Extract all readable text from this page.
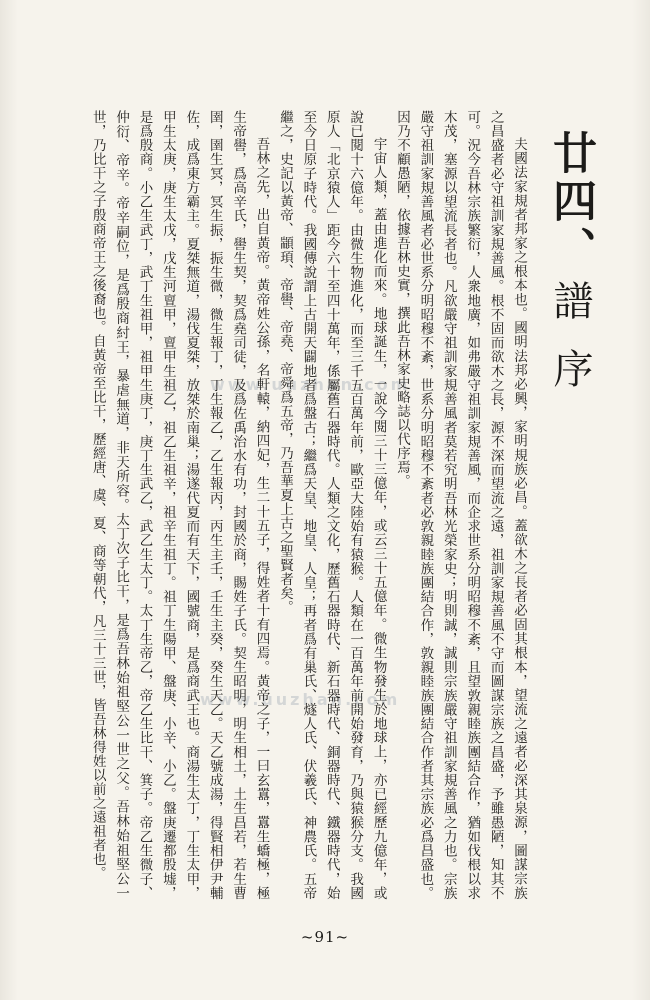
www.uuzhan.com
www.uuzhan.com
廿四、
譜序

夫國法家規者邦家之根本也。國明法邦必興，家明規族必昌。蓋欲木之長者必固其根本，望流之遠者必深其泉源，圖謀宗族之昌盛者必守祖訓家規善風。根不固而欲木之長，源不深而望流之遠，祖訓家規善風不守而圖謀宗族之昌盛，予雖愚陋，知其不可。況今吾林宗族繁衍，人衆地廣，如弗嚴守祖訓家規善風，而企求世系分明昭穆不紊，且望敦親睦族團結合作，猶如伐根以求木茂，塞源以望流長者也。凡欲嚴守祖訓家規善風者莫若究明吾林光榮家史；明則誠，誠則宗族嚴守祖訓家規善風之力也。宗族嚴守祖訓家規善風者必世系分明昭穆不紊，世系分明昭穆不紊者必敦親睦族團結合作，敦親睦族團結合作者其宗族必爲昌盛也。因乃不顧愚陋，依據吾林史實，撰此吾林家史略誌以代序焉。

宇宙人類，蓋由進化而來。地球誕生，一說今閱三十三億年，或云三十五億年。微生物發生於地球上，亦已經歷九億年，或說已閱十六億年。由微生物進化，而至三千五百萬年前，歐亞大陸始有猿猴。人類在一百萬年前開始發育，乃與猿猴分支。我國原人「北京猿人」距今六十至四十萬年，係屬舊石器時代。人類之文化，歷舊石器時代、新石器時代、銅器時代、鐵器時代，始至今日原子時代。我國傳說謂上古開天闢地者爲盤古；繼爲天皇、地皇、人皇；再者爲有巢氏、燧人氏、伏羲氏、神農氏。五帝繼之，史記以黃帝、顓頊、帝嚳、帝堯、帝舜爲五帝，乃吾華夏上古之聖賢者矣。

吾林之先，出自黃帝。黃帝姓公孫，名軒轅，納四妃，生二十五子，得姓者十有四焉。黃帝之子，一曰玄囂，囂生蟜極，極生帝嚳，爲高辛氏，嚳生契，契爲堯司徒，及爲佐禹治水有功，封國於商，賜姓子氏。契生昭明，明生相土，土生昌若，若生曹圉，圉生冥，冥生振，振生微，微生報丁，丁生報乙，乙生報丙，丙生主壬，壬生主癸，癸生天乙。天乙號成湯，得賢相伊尹輔佐，成爲東方霸主。夏桀無道，湯伐夏桀，放桀於南巢；湯遂代夏而有天下，國號商，是爲商武王也。商湯生太丁，丁生太甲，甲生太庚，庚生太戊，戊生河亶甲，亶甲生祖乙，祖乙生祖辛，祖辛生祖丁。祖丁生陽甲、盤庚、小辛、小乙。盤庚遷都殷墟，是爲殷商。小乙生武丁，武丁生祖甲，祖甲生庚丁，庚丁生武乙，武乙生太丁。太丁生帝乙，帝乙生比干、箕子。帝乙生微子、仲衍、帝辛。帝辛嗣位，是爲殷商紂王，暴虐無道，非天所容。太丁次子比干，是爲吾林始祖堅公一世之父。吾林始祖堅公一世，乃比干之子殷商帝王之後裔也。自黃帝至比干，歷經唐、虞、夏、商等朝代，凡三十三世，皆吾林得姓以前之遠祖者也。

~91~
